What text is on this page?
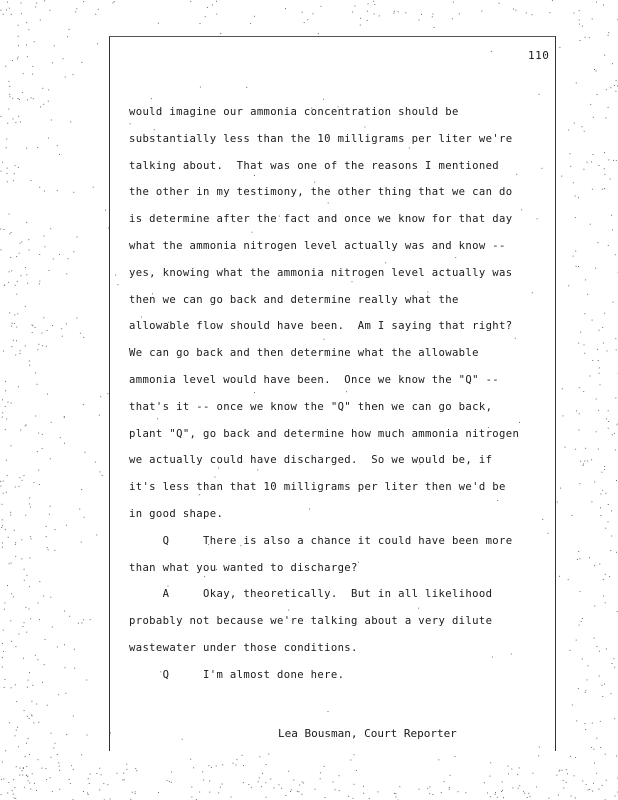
110
would imagine our ammonia concentration should be
substantially less than the 10 milligrams per liter we're
talking about.  That was one of the reasons I mentioned
the other in my testimony, the other thing that we can do
is determine after the fact and once we know for that day
what the ammonia nitrogen level actually was and know --
yes, knowing what the ammonia nitrogen level actually was
then we can go back and determine really what the
allowable flow should have been.  Am I saying that right?
We can go back and then determine what the allowable
ammonia level would have been.  Once we know the "Q" --
that's it -- once we know the "Q" then we can go back,
plant "Q", go back and determine how much ammonia nitrogen
we actually could have discharged.  So we would be, if
it's less than that 10 milligrams per liter then we'd be
in good shape.
Q     There is also a chance it could have been more
than what you wanted to discharge?
A     Okay, theoretically.  But in all likelihood
probably not because we're talking about a very dilute
wastewater under those conditions.
Q     I'm almost done here.
Lea Bousman, Court Reporter
